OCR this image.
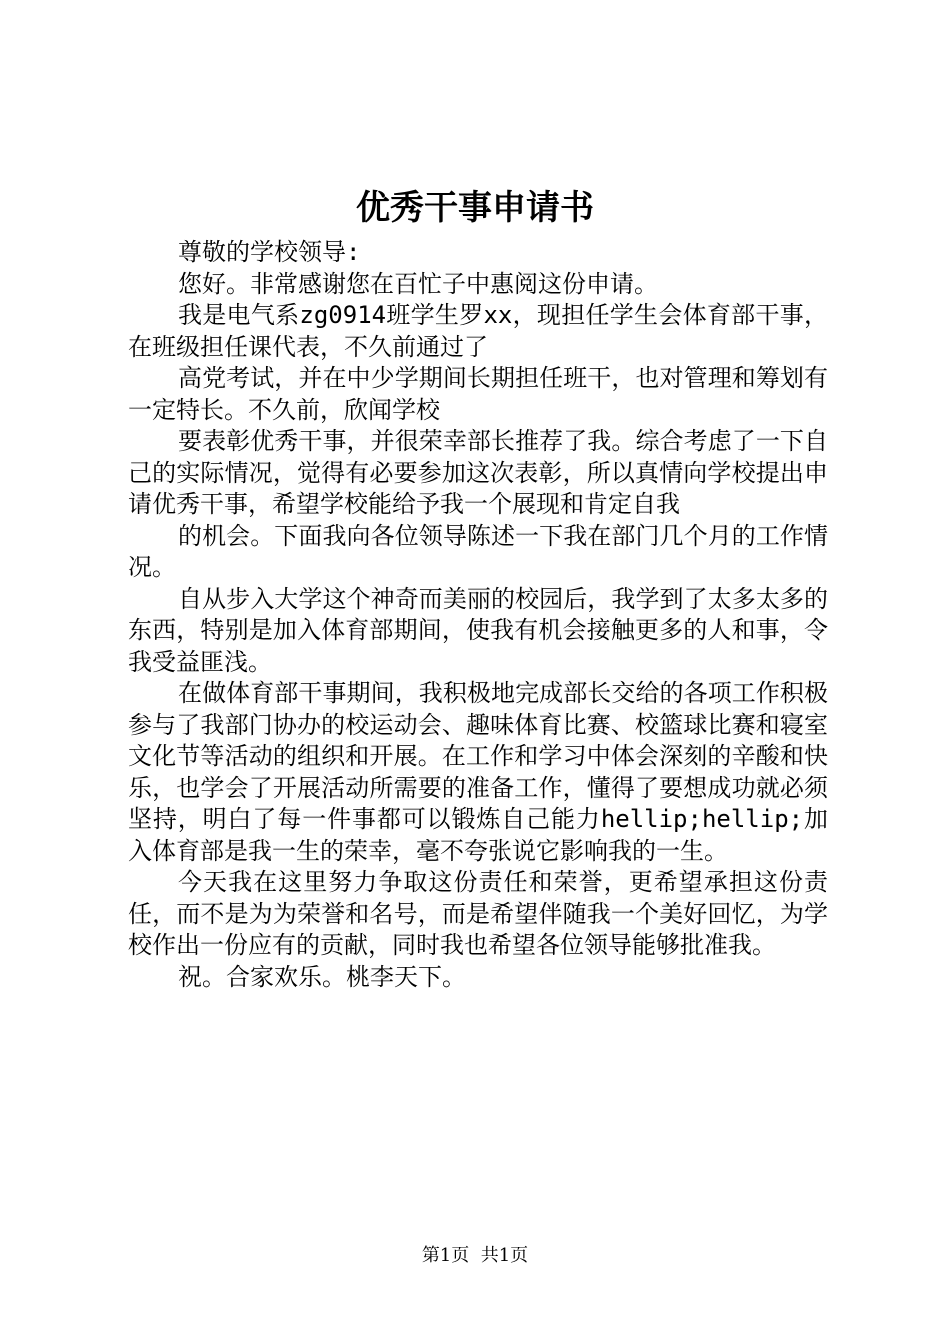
优秀干事申请书

尊敬的学校领导:

您好。非常感谢您在百忙子中惠阅这份申请。

我是电气系zg0914班学生罗xx，现担任学生会体育部干事，在班级担任课代表，不久前通过了

高党考试，并在中少学期间长期担任班干，也对管理和筹划有一定特长。不久前，欣闻学校

要表彰优秀干事，并很荣幸部长推荐了我。综合考虑了一下自己的实际情况，觉得有必要参加这次表彰，所以真情向学校提出申请优秀干事，希望学校能给予我一个展现和肯定自我

的机会。下面我向各位领导陈述一下我在部门几个月的工作情况。

自从步入大学这个神奇而美丽的校园后，我学到了太多太多的东西，特别是加入体育部期间，使我有机会接触更多的人和事，令我受益匪浅。

在做体育部干事期间，我积极地完成部长交给的各项工作积极参与了我部门协办的校运动会、趣味体育比赛、校篮球比赛和寝室文化节等活动的组织和开展。在工作和学习中体会深刻的辛酸和快乐，也学会了开展活动所需要的准备工作，懂得了要想成功就必须坚持，明白了每一件事都可以锻炼自己能力hellip;hellip;加入体育部是我一生的荣幸，毫不夸张说它影响我的一生。

今天我在这里努力争取这份责任和荣誉，更希望承担这份责任，而不是为为荣誉和名号，而是希望伴随我一个美好回忆，为学校作出一份应有的贡献，同时我也希望各位领导能够批准我。

祝。合家欢乐。桃李天下。

第1页  共1页
